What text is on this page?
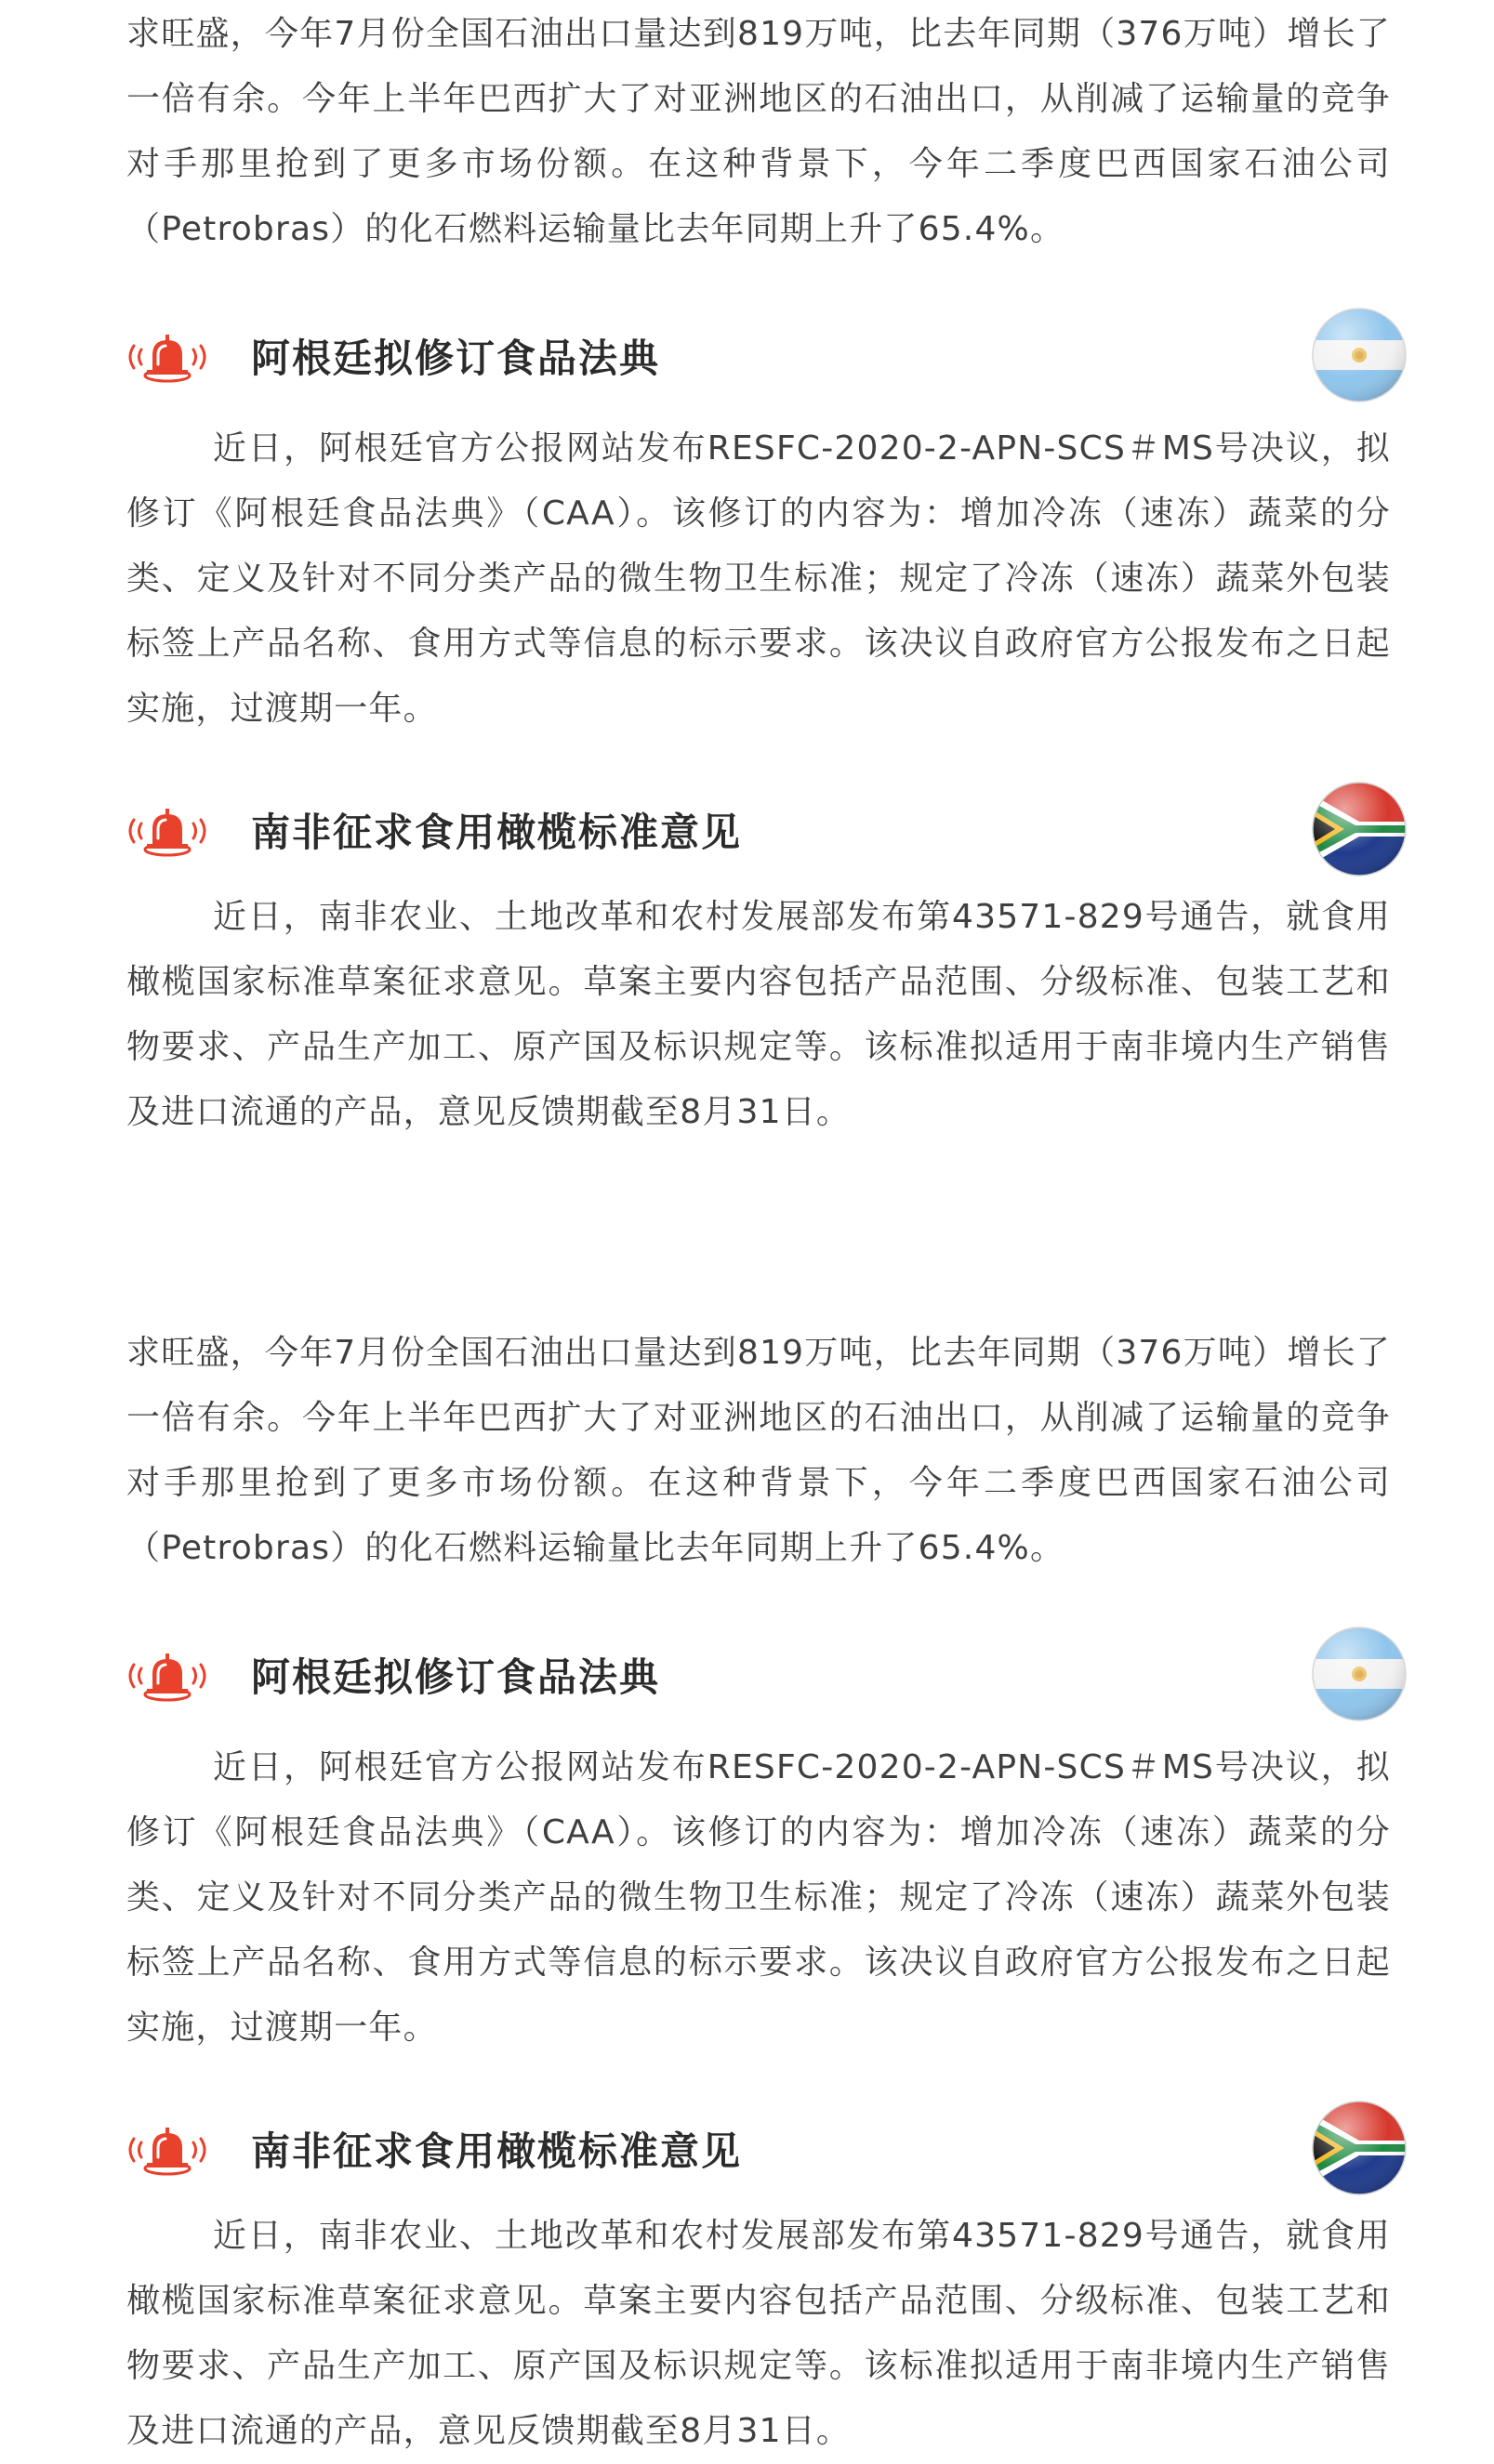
求旺盛，今年7月份全国石油出口量达到819万吨，比去年同期（376万吨）增长了一倍有余。今年上半年巴西扩大了对亚洲地区的石油出口，从削减了运输量的竞争对手那里抢到了更多市场份额。在这种背景下，今年二季度巴西国家石油公司（Petrobras）的化石燃料运输量比去年同期上升了65.4%。

阿根廷拟修订食品法典

近日，阿根廷官方公报网站发布RESFC-2020-2-APN-SCS＃MS号决议，拟修订《阿根廷食品法典》（CAA）。该修订的内容为：增加冷冻（速冻）蔬菜的分类、定义及针对不同分类产品的微生物卫生标准；规定了冷冻（速冻）蔬菜外包装标签上产品名称、食用方式等信息的标示要求。该决议自政府官方公报发布之日起实施，过渡期一年。

南非征求食用橄榄标准意见

近日，南非农业、土地改革和农村发展部发布第43571-829号通告，就食用橄榄国家标准草案征求意见。草案主要内容包括产品范围、分级标准、包装工艺和物要求、产品生产加工、原产国及标识规定等。该标准拟适用于南非境内生产销售及进口流通的产品，意见反馈期截至8月31日。

求旺盛，今年7月份全国石油出口量达到819万吨，比去年同期（376万吨）增长了一倍有余。今年上半年巴西扩大了对亚洲地区的石油出口，从削减了运输量的竞争对手那里抢到了更多市场份额。在这种背景下，今年二季度巴西国家石油公司（Petrobras）的化石燃料运输量比去年同期上升了65.4%。

阿根廷拟修订食品法典

近日，阿根廷官方公报网站发布RESFC-2020-2-APN-SCS＃MS号决议，拟修订《阿根廷食品法典》（CAA）。该修订的内容为：增加冷冻（速冻）蔬菜的分类、定义及针对不同分类产品的微生物卫生标准；规定了冷冻（速冻）蔬菜外包装标签上产品名称、食用方式等信息的标示要求。该决议自政府官方公报发布之日起实施，过渡期一年。

南非征求食用橄榄标准意见

近日，南非农业、土地改革和农村发展部发布第43571-829号通告，就食用橄榄国家标准草案征求意见。草案主要内容包括产品范围、分级标准、包装工艺和物要求、产品生产加工、原产国及标识规定等。该标准拟适用于南非境内生产销售及进口流通的产品，意见反馈期截至8月31日。
